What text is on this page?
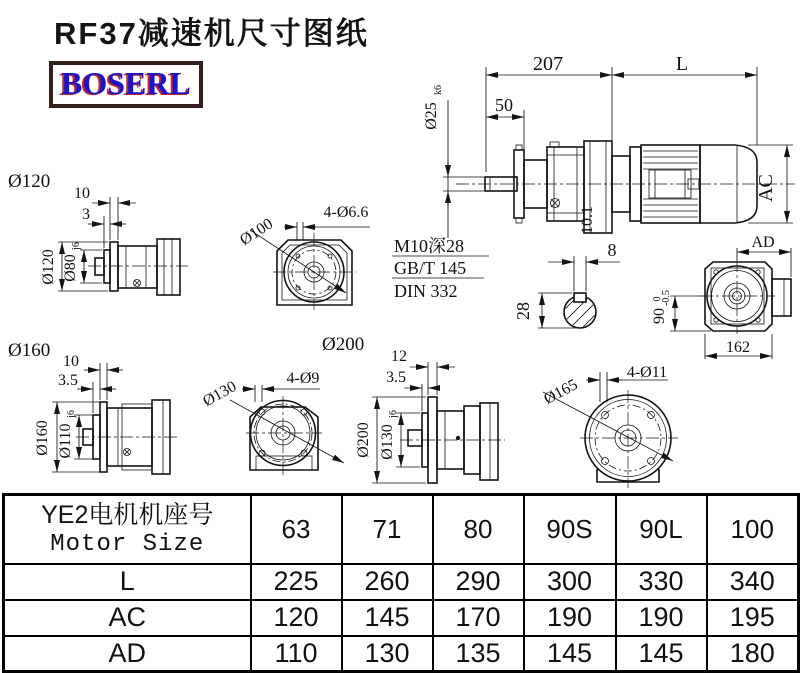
RF37减速机尺寸图纸
BOSERL
207	L
50
Ø25
k6
AC
10.1
M10深28
GB/T 145
DIN 332
8
28
AD
90
0
-0.5
162
Ø120
10
3
Ø120 Ø80
j6
4-Ø6.6
Ø100
Ø160
10
3.5
Ø160 Ø110
j6
Ø200
4-Ø9
Ø130
12
3.5
Ø200 Ø130
j6
4-Ø11
Ø165
YE2电机机座号
Motor Size	63	71	80	90S	90L	100
L	225	260	290	300	330	340
AC	120	145	170	190	190	195
AD	110	130	135	145	145	180
